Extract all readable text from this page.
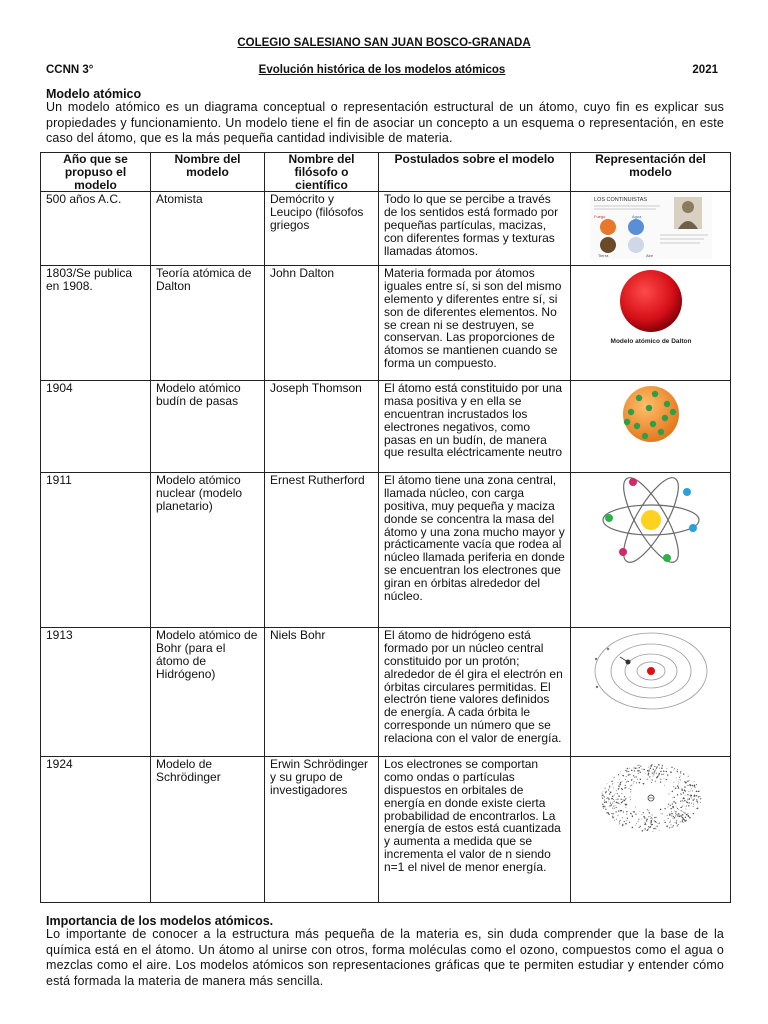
COLEGIO SALESIANO SAN JUAN BOSCO-GRANADA
Evolución histórica de los modelos atómicos
CCNN 3°	2021
Modelo atómico
Un modelo atómico es un diagrama conceptual o representación estructural de un átomo, cuyo fin es explicar sus propiedades y funcionamiento. Un modelo tiene el fin de asociar un concepto a un esquema o representación, en este caso del átomo, que es la más pequeña cantidad indivisible de materia.
Año que se propuso el modelo	Nombre del modelo	Nombre del filósofo o científico	Postulados sobre el modelo	Representación del modelo
500 años A.C.	Atomista	Demócrito y Leucipo (filósofos griegos	Todo lo que se percibe a través de los sentidos está formado por pequeñas partículas, macizas, con diferentes formas y texturas llamadas átomos.	LOS CONTINUISTAS
Fuego Agua
Tierra Aire

1803/Se publica en 1908.	Teoría atómica de Dalton	John Dalton	Materia formada por átomos iguales entre sí, si son del mismo elemento y diferentes entre sí, si son de diferentes elementos. No se crean ni se destruyen, se conservan. Las proporciones de átomos se mantienen cuando se forma un compuesto.	Modelo atómico de Dalton

1904	Modelo atómico budín de pasas	Joseph Thomson	El átomo está constituido por una masa positiva y en ella se encuentran incrustados los electrones negativos, como pasas en un budín, de manera que resulta eléctricamente neutro	

1911	Modelo atómico nuclear (modelo planetario)	Ernest Rutherford	El átomo tiene una zona central, llamada núcleo, con carga positiva, muy pequeña y maciza donde se concentra la masa del átomo y una zona mucho mayor y prácticamente vacía que rodea al núcleo llamada periferia en donde se encuentran los electrones que giran en órbitas alrededor del núcleo.	

1913	Modelo atómico de Bohr (para el átomo de Hidrógeno)	Niels Bohr	El átomo de hidrógeno está formado por un núcleo central constituido por un protón; alrededor de él gira el electrón en órbitas circulares permitidas. El electrón tiene valores definidos de energía. A cada órbita le corresponde un número que se relaciona con el valor de energía.	

1924	Modelo de Schrödinger	Erwin Schrödinger y su grupo de investigadores	Los electrones se comportan como ondas o partículas dispuestos en orbitales de energía en donde existe cierta probabilidad de encontrarlos. La energía de estos está cuantizada y aumenta a medida que se incrementa el valor de n siendo n=1 el nivel de menor energía.	
Importancia de los modelos atómicos.
Lo importante de conocer a la estructura más pequeña de la materia es, sin duda comprender que la base de la química está en el átomo. Un átomo al unirse con otros, forma moléculas como el ozono, compuestos como el agua o mezclas como el aire. Los modelos atómicos son representaciones gráficas que te permiten estudiar y entender cómo está formada la materia de manera más sencilla.
